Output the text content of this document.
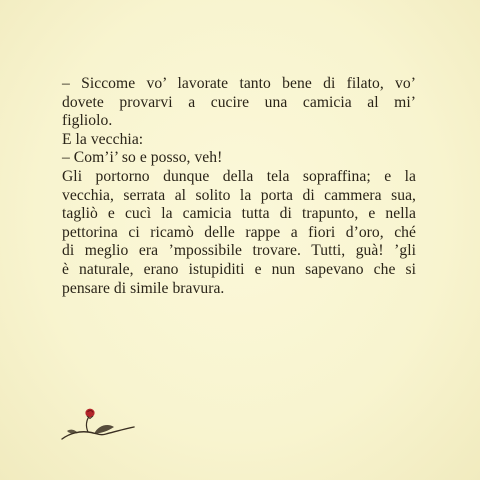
– Siccome vo’ lavorate tanto bene di filato, vo’
dovete provarvi a cucire una camicia al mi’
figliolo.
E la vecchia:
– Com’i’ so e posso, veh!
Gli portorno dunque della tela sopraffina; e la
vecchia, serrata al solito la porta di cammera sua,
tagliò e cucì la camicia tutta di trapunto, e nella
pettorina ci ricamò delle rappe a fiori d’oro, ché
di meglio era ’mpossibile trovare. Tutti, guà! ’gli
è naturale, erano istupiditi e nun sapevano che si
pensare di simile bravura.
